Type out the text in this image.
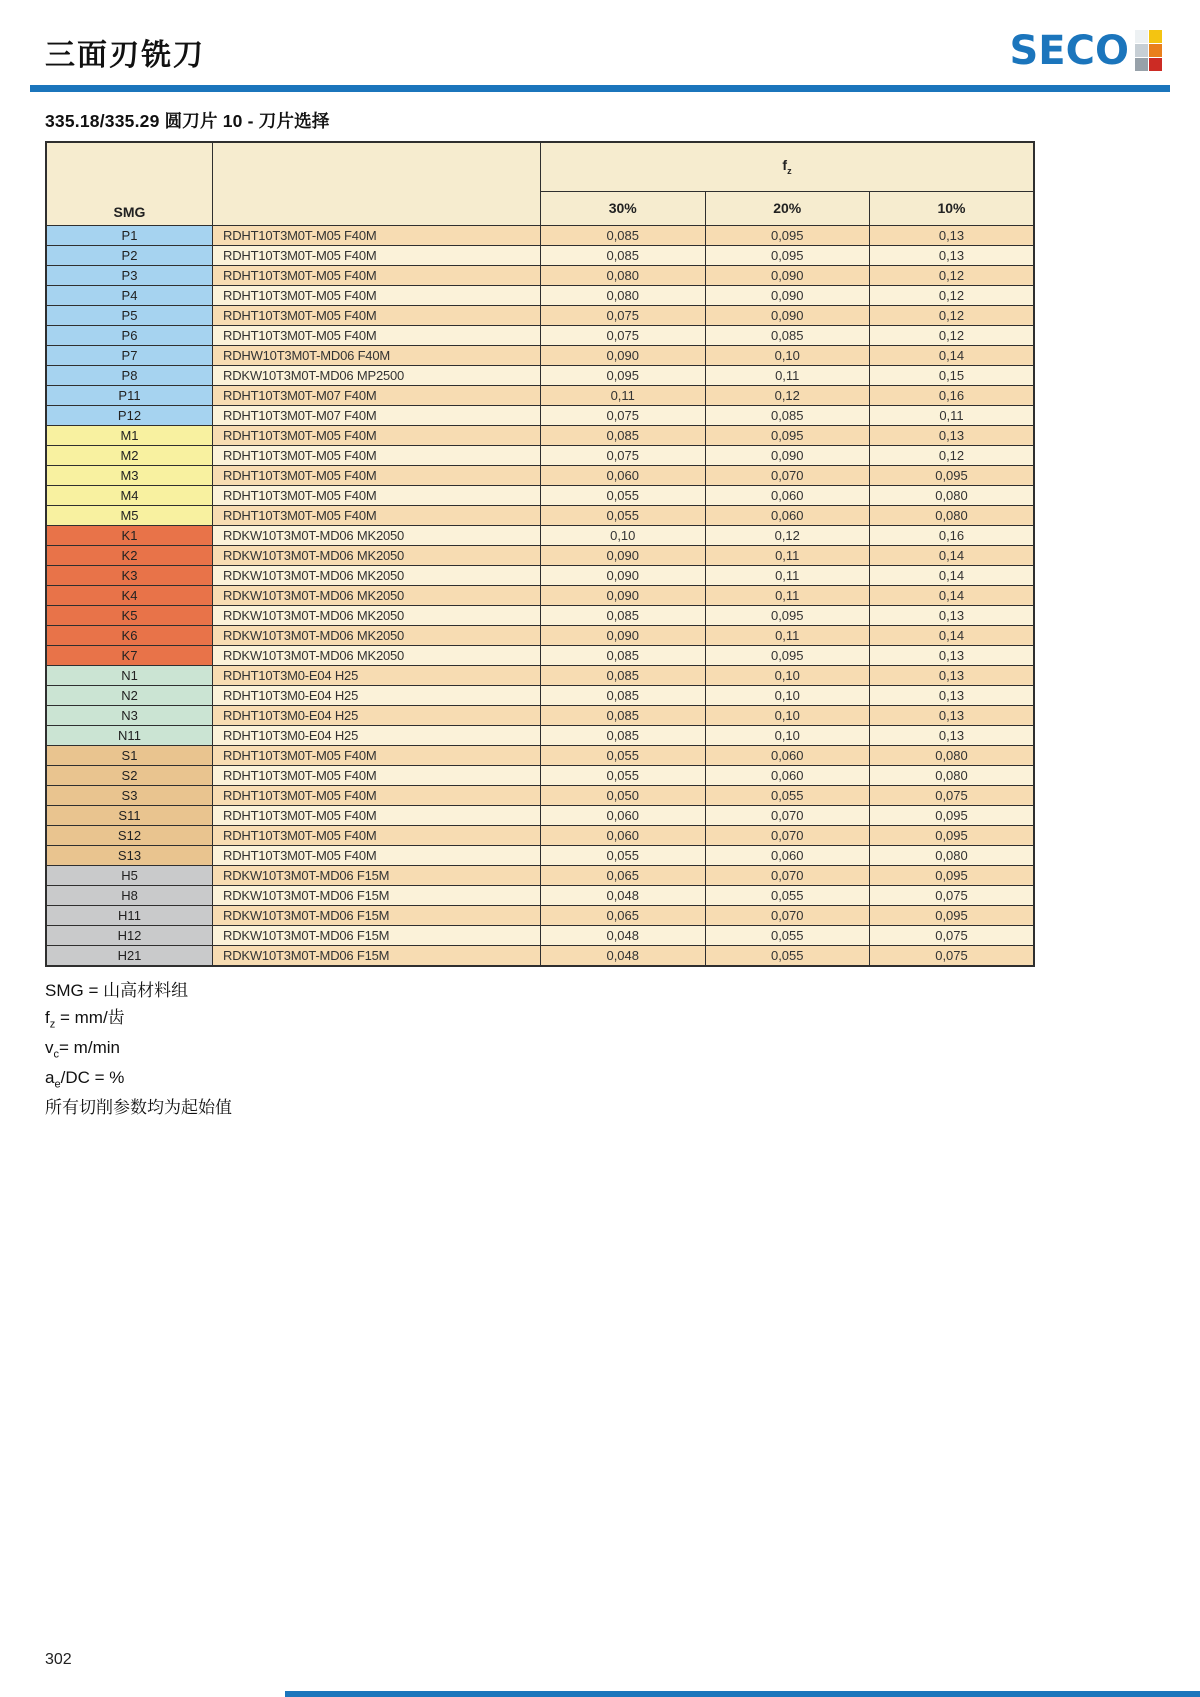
三面刃铣刀	SECO
335.18/335.29 圆刀片 10 - 刀片选择
SMG		$f_z$
		30%	20%	10%
P1	RDHT10T3M0T-M05 F40M	0,085	0,095	0,13
P2	RDHT10T3M0T-M05 F40M	0,085	0,095	0,13
P3	RDHT10T3M0T-M05 F40M	0,080	0,090	0,12
P4	RDHT10T3M0T-M05 F40M	0,080	0,090	0,12
P5	RDHT10T3M0T-M05 F40M	0,075	0,090	0,12
P6	RDHT10T3M0T-M05 F40M	0,075	0,085	0,12
P7	RDHW10T3M0T-MD06 F40M	0,090	0,10	0,14
P8	RDKW10T3M0T-MD06 MP2500	0,095	0,11	0,15
P11	RDHT10T3M0T-M07 F40M	0,11	0,12	0,16
P12	RDHT10T3M0T-M07 F40M	0,075	0,085	0,11
M1	RDHT10T3M0T-M05 F40M	0,085	0,095	0,13
M2	RDHT10T3M0T-M05 F40M	0,075	0,090	0,12
M3	RDHT10T3M0T-M05 F40M	0,060	0,070	0,095
M4	RDHT10T3M0T-M05 F40M	0,055	0,060	0,080
M5	RDHT10T3M0T-M05 F40M	0,055	0,060	0,080
K1	RDKW10T3M0T-MD06 MK2050	0,10	0,12	0,16
K2	RDKW10T3M0T-MD06 MK2050	0,090	0,11	0,14
K3	RDKW10T3M0T-MD06 MK2050	0,090	0,11	0,14
K4	RDKW10T3M0T-MD06 MK2050	0,090	0,11	0,14
K5	RDKW10T3M0T-MD06 MK2050	0,085	0,095	0,13
K6	RDKW10T3M0T-MD06 MK2050	0,090	0,11	0,14
K7	RDKW10T3M0T-MD06 MK2050	0,085	0,095	0,13
N1	RDHT10T3M0-E04 H25	0,085	0,10	0,13
N2	RDHT10T3M0-E04 H25	0,085	0,10	0,13
N3	RDHT10T3M0-E04 H25	0,085	0,10	0,13
N11	RDHT10T3M0-E04 H25	0,085	0,10	0,13
S1	RDHT10T3M0T-M05 F40M	0,055	0,060	0,080
S2	RDHT10T3M0T-M05 F40M	0,055	0,060	0,080
S3	RDHT10T3M0T-M05 F40M	0,050	0,055	0,075
S11	RDHT10T3M0T-M05 F40M	0,060	0,070	0,095
S12	RDHT10T3M0T-M05 F40M	0,060	0,070	0,095
S13	RDHT10T3M0T-M05 F40M	0,055	0,060	0,080
H5	RDKW10T3M0T-MD06 F15M	0,065	0,070	0,095
H8	RDKW10T3M0T-MD06 F15M	0,048	0,055	0,075
H11	RDKW10T3M0T-MD06 F15M	0,065	0,070	0,095
H12	RDKW10T3M0T-MD06 F15M	0,048	0,055	0,075
H21	RDKW10T3M0T-MD06 F15M	0,048	0,055	0,075
SMG = 山高材料组
$f_z = mm/$齿
$v_c= m/\min$
$a_e/DC$ = %
所有切削参数均为起始值
302
